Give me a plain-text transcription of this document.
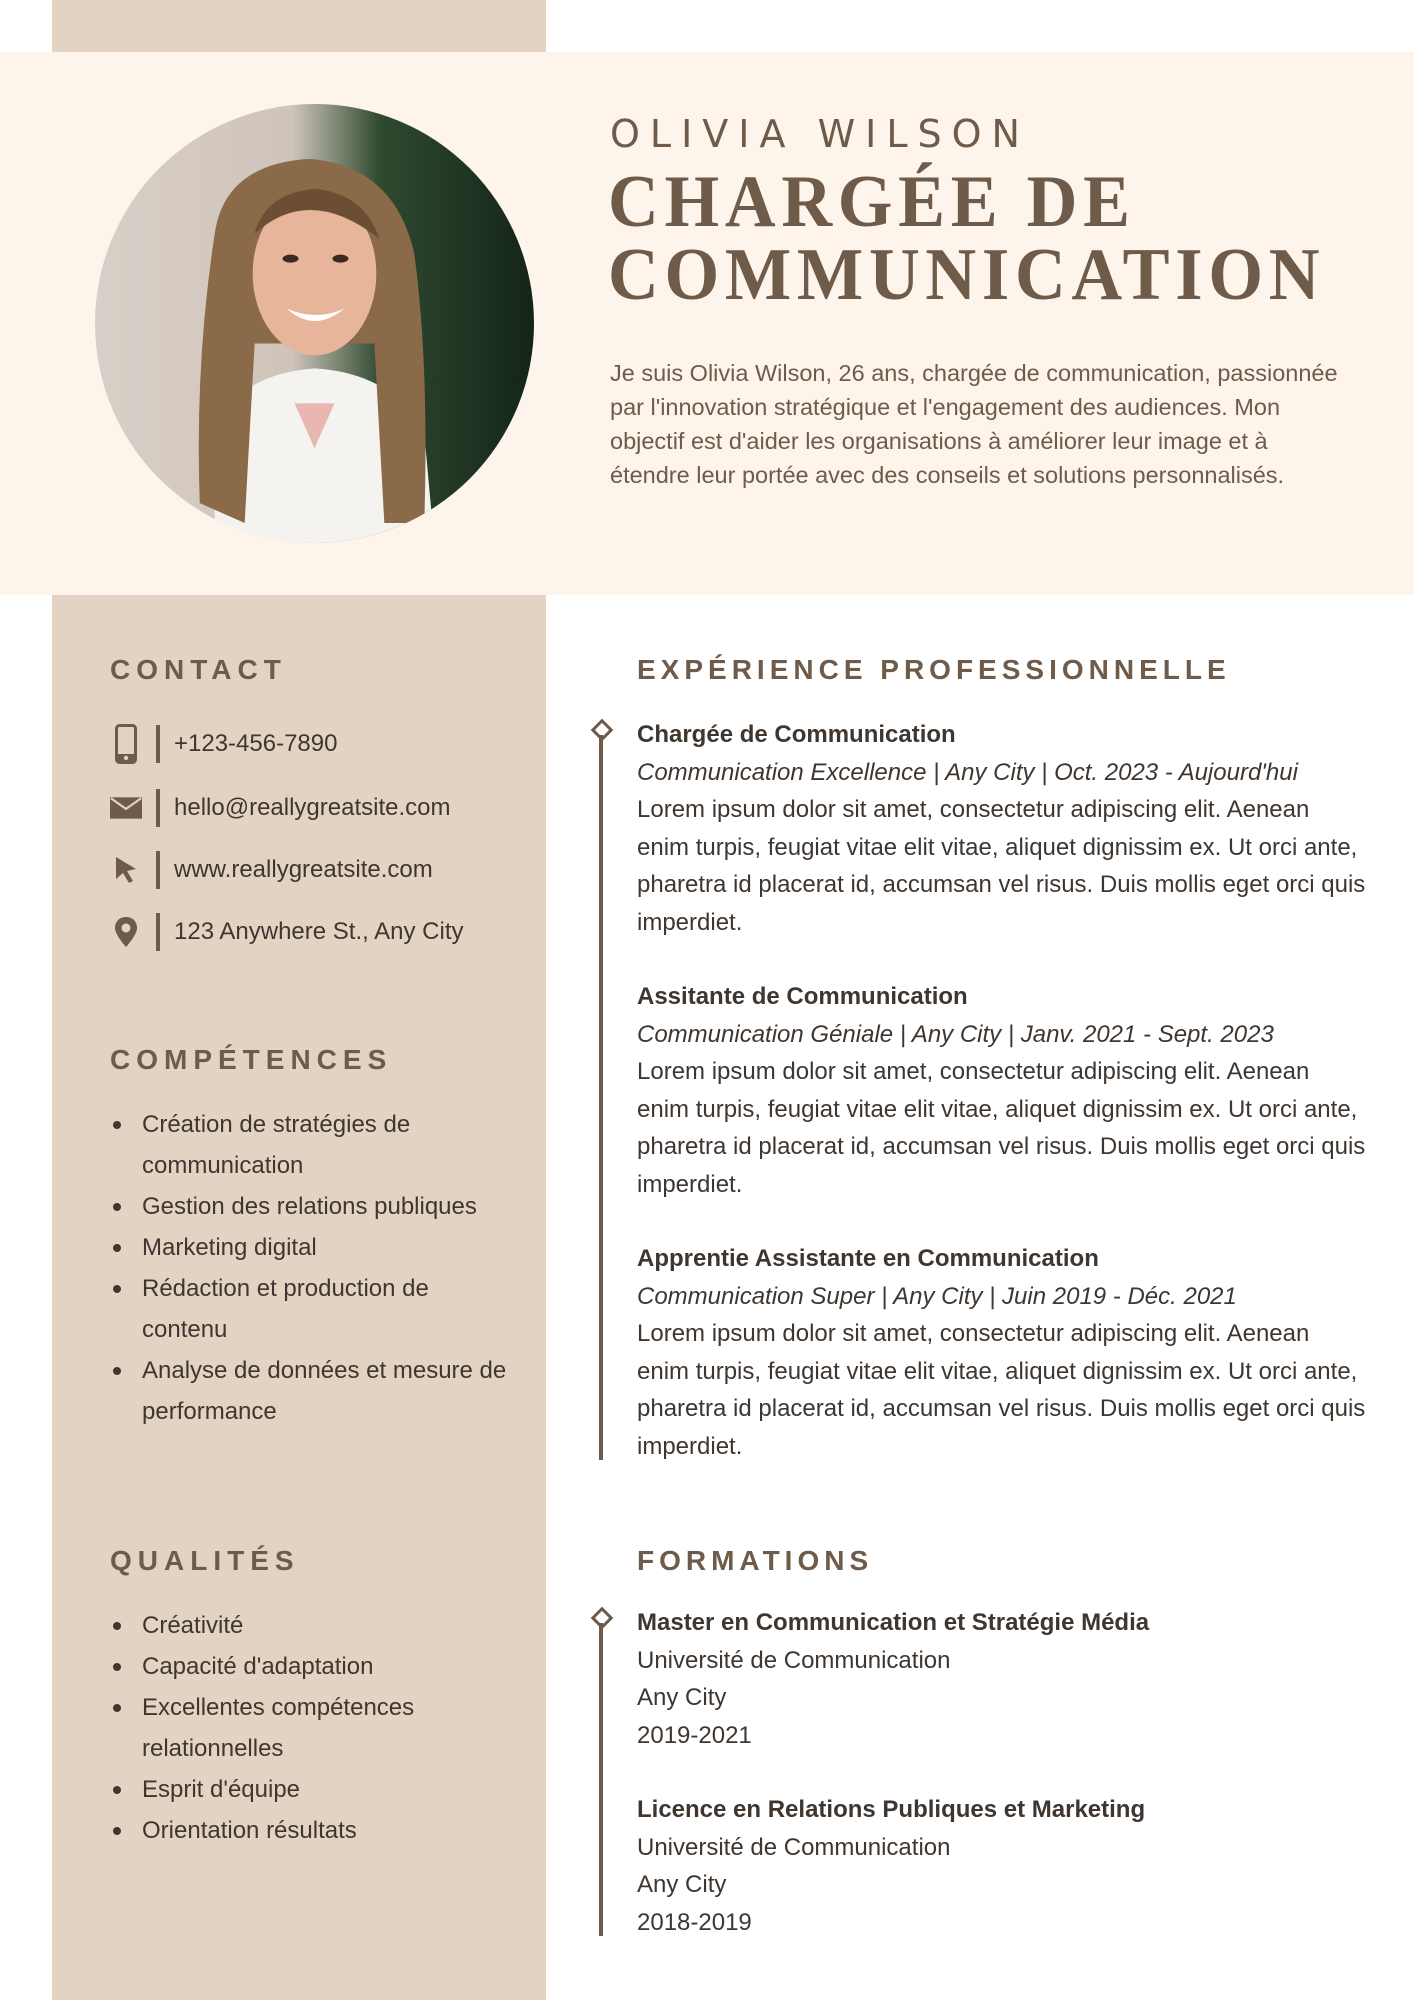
OLIVIA WILSON
CHARGÉE DE
COMMUNICATION
Je suis Olivia Wilson, 26 ans, chargée de communication, passionnée par l'innovation stratégique et l'engagement des audiences. Mon objectif est d'aider les organisations à améliorer leur image et à étendre leur portée avec des conseils et solutions personnalisés.
CONTACT
+123-456-7890
hello@reallygreatsite.com
www.reallygreatsite.com
123 Anywhere St., Any City
COMPÉTENCES
Création de stratégies de communication
Gestion des relations publiques
Marketing digital
Rédaction et production de contenu
Analyse de données et mesure de performance
QUALITÉS
Créativité
Capacité d'adaptation
Excellentes compétences relationnelles
Esprit d'équipe
Orientation résultats
EXPÉRIENCE PROFESSIONNELLE
Chargée de Communication
Communication Excellence | Any City | Oct. 2023 - Aujourd'hui
Lorem ipsum dolor sit amet, consectetur adipiscing elit. Aenean enim turpis, feugiat vitae elit vitae, aliquet dignissim ex. Ut orci ante, pharetra id placerat id, accumsan vel risus. Duis mollis eget orci quis imperdiet.
Assitante de Communication
Communication Géniale | Any City | Janv. 2021 - Sept. 2023
Lorem ipsum dolor sit amet, consectetur adipiscing elit. Aenean enim turpis, feugiat vitae elit vitae, aliquet dignissim ex. Ut orci ante, pharetra id placerat id, accumsan vel risus. Duis mollis eget orci quis imperdiet.
Apprentie Assistante en Communication
Communication Super | Any City | Juin 2019 - Déc. 2021
Lorem ipsum dolor sit amet, consectetur adipiscing elit. Aenean enim turpis, feugiat vitae elit vitae, aliquet dignissim ex. Ut orci ante, pharetra id placerat id, accumsan vel risus. Duis mollis eget orci quis imperdiet.
FORMATIONS
Master en Communication et Stratégie Média
Université de Communication
Any City
2019-2021
Licence en Relations Publiques et Marketing
Université de Communication
Any City
2018-2019
